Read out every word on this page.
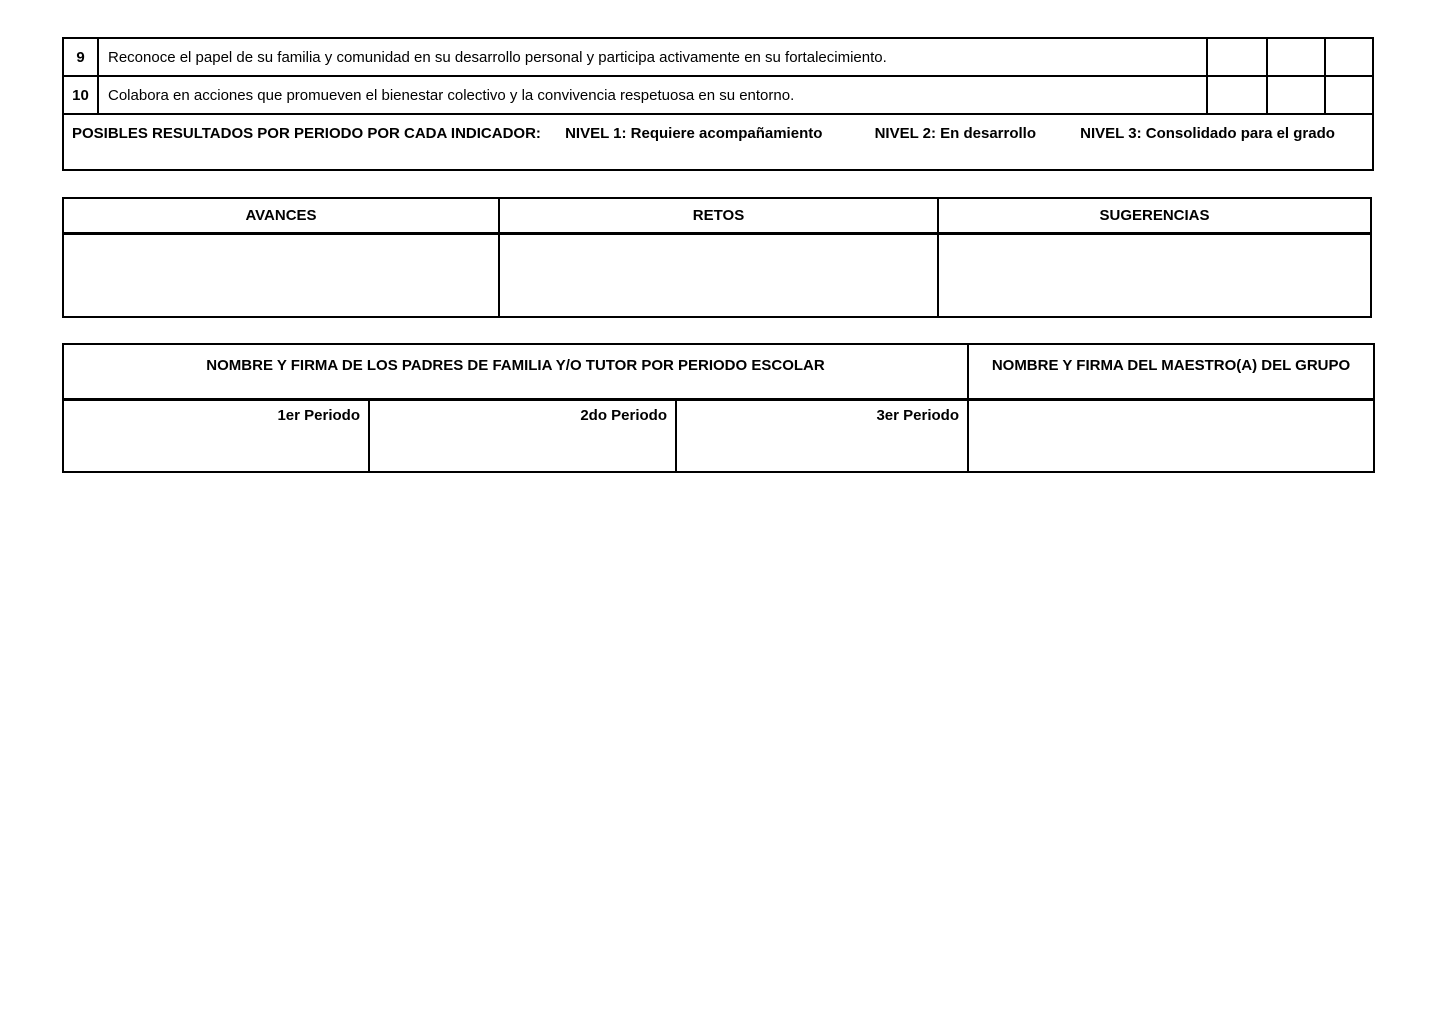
9	Reconoce el papel de su familia y comunidad en su desarrollo personal y participa activamente en su fortalecimiento.			
10	Colabora en acciones que promueven el bienestar colectivo y la convivencia respetuosa en su entorno.			
POSIBLES RESULTADOS POR PERIODO POR CADA INDICADOR: NIVEL 1: Requiere acompañamiento NIVEL 2: En desarrollo NIVEL 3: Consolidado para el grado				
AVANCES	RETOS	SUGERENCIAS

NOMBRE Y FIRMA DE LOS PADRES DE FAMILIA Y/O TUTOR POR PERIODO ESCOLAR			NOMBRE Y FIRMA DEL MAESTRO(A) DEL GRUPO
1er Periodo	2do Periodo	3er Periodo	
